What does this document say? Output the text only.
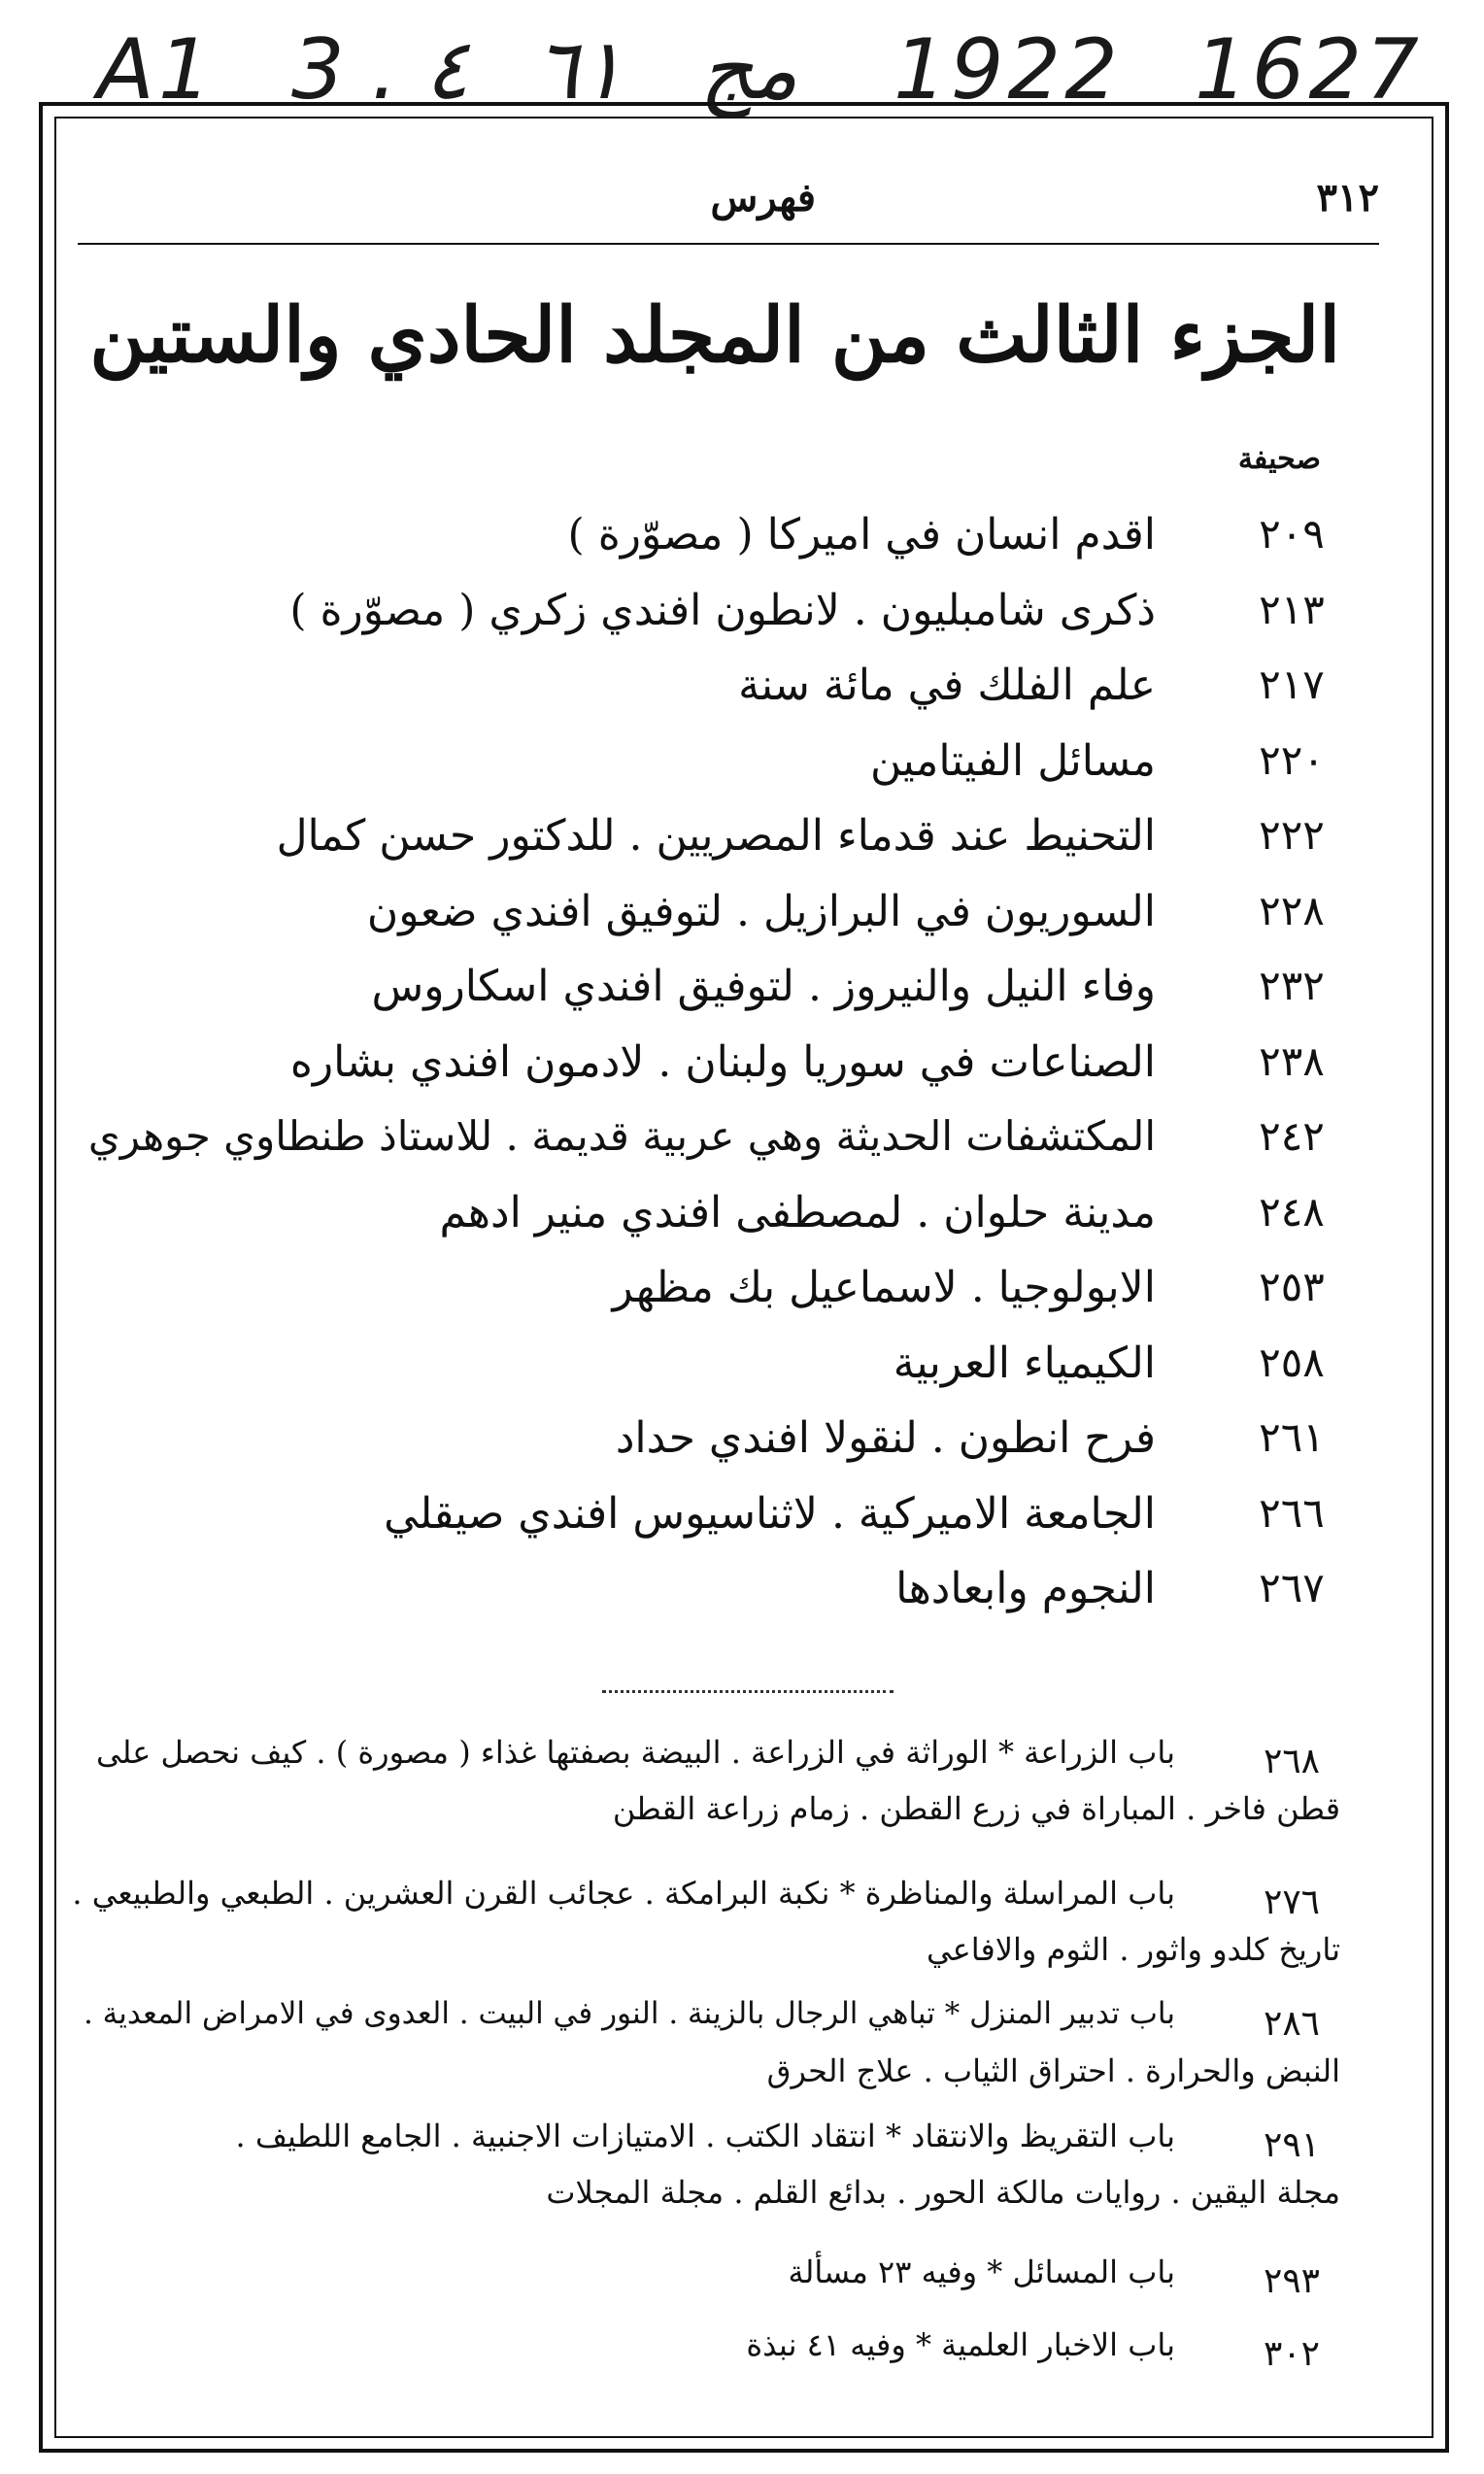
A1 3 . ٤ ٦١ مج 1922 1627
٣١٢
فهرس
الجزء الثالث من المجلد الحادي والستين
صحيفة
٢٠٩
اقدم انسان في اميركا ( مصوّرة )
٢١٣
ذكرى شامبليون . لانطون افندي زكري ( مصوّرة )
٢١٧
علم الفلك في مائة سنة
٢٢٠
مسائل الفيتامين
٢٢٢
التحنيط عند قدماء المصريين . للدكتور حسن كمال
٢٢٨
السوريون في البرازيل . لتوفيق افندي ضعون
٢٣٢
وفاء النيل والنيروز . لتوفيق افندي اسكاروس
٢٣٨
الصناعات في سوريا ولبنان . لادمون افندي بشاره
٢٤٢
المكتشفات الحديثة وهي عربية قديمة . للاستاذ طنطاوي جوهري
٢٤٨
مدينة حلوان . لمصطفى افندي منير ادهم
٢٥٣
الابولوجيا . لاسماعيل بك مظهر
٢٥٨
الكيمياء العربية
٢٦١
فرح انطون . لنقولا افندي حداد
٢٦٦
الجامعة الاميركية . لاثناسيوس افندي صيقلي
٢٦٧
النجوم وابعادها
٢٦٨
باب الزراعة * الوراثة في الزراعة . البيضة بصفتها غذاء ( مصورة ) . كيف نحصل على
قطن فاخر . المباراة في زرع القطن . زمام زراعة القطن
٢٧٦
باب المراسلة والمناظرة * نكبة البرامكة . عجائب القرن العشرين . الطبعي والطبيعي .
تاريخ كلدو واثور . الثوم والافاعي
٢٨٦
باب تدبير المنزل * تباهي الرجال بالزينة . النور في البيت . العدوى في الامراض المعدية .
النبض والحرارة . احتراق الثياب . علاج الحرق
٢٩١
باب التقريظ والانتقاد * انتقاد الكتب . الامتيازات الاجنبية . الجامع اللطيف .
مجلة اليقين . روايات مالكة الحور . بدائع القلم . مجلة المجلات
٢٩٣
باب المسائل * وفيه ٢٣ مسألة
٣٠٢
باب الاخبار العلمية * وفيه ٤١ نبذة
